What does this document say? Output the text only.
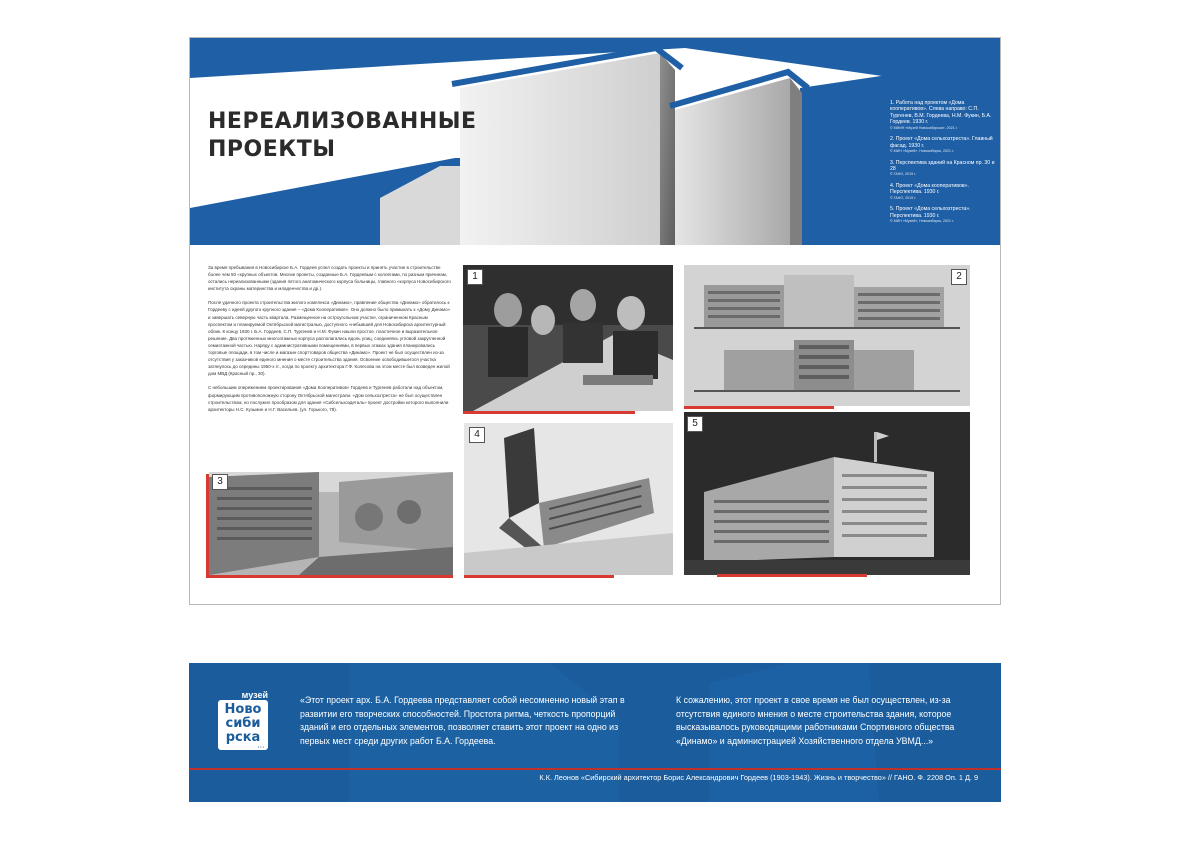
НЕРЕАЛИЗОВАННЫЕ
ПРОЕКТЫ
1. Работа над проектом «Дома кооперативов». Слева направо: С.П. Тургенев, В.М. Гордеева, Н.М. Фукин, Б.А. Гордеев. 1930 г.
© МИИН «Музей Новосибирска», 2021 г.
2. Проект «Дома сельхозтреста». Главный фасад. 1930 г.
© МИН «Музей», Новосибирск, 2021 г.
3. Перспектива зданий на Красном пр. 30 и 28
© ГАНО, 2019 г.
4. Проект «Дома кооперативов». Перспектива. 1930 г.
© ГАНО, 2019 г.
5. Проект «Дома сельхозтреста». Перспектива. 1930 г.
© МИН «Музей», Новосибирск, 2021 г.

За время пребывания в Новосибирске Б.А. Гордеев успел создать проекты и принять участие в строительстве более чем 50 «крупных объектов. Многие проекты, созданные Б.А. Гордеевым с коллегами, по разным причинам, остались нереализованными (здания пятого анатомического корпуса больницы, главного «корпуса Новосибирского института охраны материнства и младенчества и др.).

После удачного проекта строительства жилого комплекса «Динамо», правление общества «Динамо» обратилось к Гордееву с идеей другого крупного здания – «Дома Кооперативов». Оно должно было примыкать к «Дому Динамо» и завершать северную часть квартала. Размещенное на остроугольном участке, ограниченном Красным проспектом и планируемой Октябрьской магистралью, доступного «небывшей для Новосибирска архитектурный облик. К концу 1930 г. Б.А. Гордеев, С.П. Тургенев и Н.М. Фукин нашли простое, пластичное и выразительное решение. Два протяженных многоэтажных корпуса располагались вдоль улиц, соединяясь угловой закругленной семиэтажной частью. Наряду с административными помещениями, в первых этажах здания планировались торговые площади, в том числе и магазин спорттоваров общества «Динамо». Проект не был осуществлен из-за отсутствия у заказчиков единого мнения о месте строительства здания. Освоение освободившегося участка затянулось до середины 1950-х гг., когда по проекту архитектора Г.Ф. Колесова на этом месте был возведен жилой дом МВД (Красный пр., 30).

С небольшим опережением проектирования «Дома Кооперативов» Гордеев и Тургенев работали над объектом, формирующим противоположную сторону Октябрьской магистрали. «Дом сельхозтреста» не был осуществлен строительством, но послужил прообразом для здания «Сибсельхоздеталь» проект достройки которого выполнили архитекторы Н.С. Кузьмин и Н.Г. Васильев. (ул. Горького, 78).

1	2
3
4
5
музей
Ново
сиби
рска
• • •
«Этот проект арх. Б.А. Гордеева представляет собой несомненно новый этап в развитии его творческих способностей. Простота ритма, четкость пропорций зданий и его отдельных элементов, позволяет ставить этот проект на одно из первых мест среди других работ Б.А. Гордеева.
К сожалению, этот проект в свое время не был осуществлен, из-за отсутствия единого мнения о месте строительства здания, которое высказывалось руководящими работниками Спортивного общества «Динамо» и администрацией Хозяйственного отдела УВМД...»
К.К. Леонов «Сибирский архитектор Борис Александрович Гордеев (1903-1943). Жизнь и творчество» // ГАНО. Ф. 2208 Оп. 1 Д. 9
